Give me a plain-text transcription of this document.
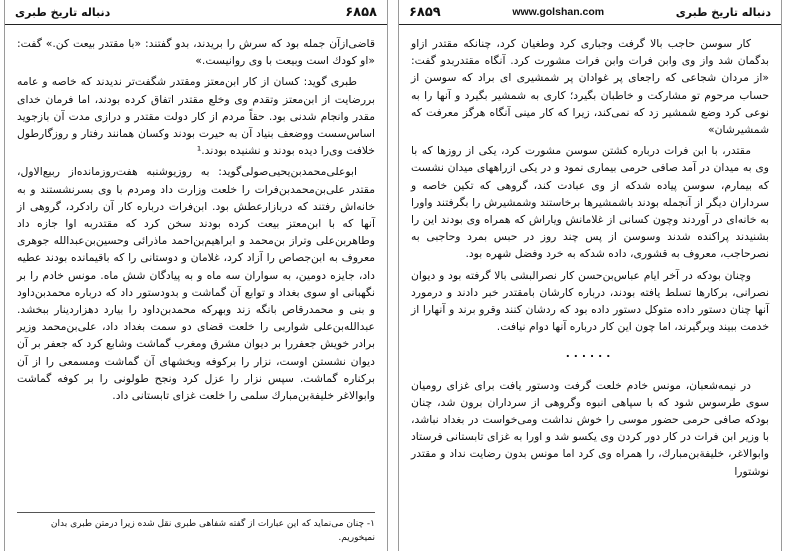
دنباله تاريخ طبرى
www.golshan.com
۶۸۵۹

كار سوسن حاجب بالا گرفت وجبارى كرد وطغيان كرد، چنانكه مقتدر ازاو بدگمان شد واز وى وابن فرات وابن فرات مشورت كرد. آنگاه مقتدربدو گفت: «از مردان شجاعى كه راجعاى پر غوادان پر شمشيرى اى براد كه سوسن از حساب مرحوم تو مشاركت و خاطبان بگيرد؛ كارى به شمشير بگيرد و آنها را به نوعى كرد وضع شمشير زد كه نمى‌كند، زيرا كه كار مينى آنگاه هرگز معرفت كه شمشيرشان»

مقتدر، با ابن فرات درباره كشتن سوسن مشورت كرد، يكى از روزها كه با وى به ميدان در آمد صافى حرمى بيمارى نمود و در يكى ازراهها‌ى ميدان نشست كه بيمارم، سوسن پياده شدكه از وى عبادت كند، گروهى كه تكين خاصه و سرداران ديگر از آنجمله بودند باشمشيرها برخاستند وشمشيرش را بگرفتند واورا به خانه‌اى در آوردند وچون كسانى از غلامانش وياراش كه همراه وى بودند اين را بشنيدند پراكنده شدند وسوسن از پس چند روز در حبس بمرد وحاجبى به نصرحاجب، معروف به قشورى، داده شدكه به خرد وفضل شهره بود.

وچنان بودكه در آخر ايام عباس‌بن‌حسن كار نصرالبشى بالا گرفته بود و ديوان نصرانى، بركارها تسلط يافته بودند، درباره كارشان بامقتدر خبر دادند و درمورد آنها چنان دستور داده متوكل دستور داده بود كه ردشان كنند وقرو برند و آنهارا از خدمت ببيند وبرگيرند، اما چون اين كار درباره آنها دوام نيافت.

......

در نيمه‌شعبان، مونس خادم خلعت گرفت ودستور يافت براى غزاى روميان سوى طرسوس شود كه با سپاهى انبوه وگروهى از سرداران برون شد، چنان بودكه صافى حرمى حضور موسى را خوش نداشت ومى‌خواست در بغداد نباشد، با وزير ابن فرات در كار دور كردن وى يكسو شد و اورا به غزاى تابستانى فرستاد وابوالاغر، خليفة‌بن‌مبارك، را همراه وى كرد اما مونس بدون رضايت نداد و مقتدر نوشتورا

۶۸۵۸
دنباله تاريخ طبرى

قاضى‌ازآن جمله بود كه سرش را بريدند، بدو گفتند: «با مقتدر بيعت كن.» گفت: «او كودك است وبيعت با وى روانيست.»

طبرى گويد: كسان از كار ابن‌معتز ومقتدر شگفت‌تر نديدند كه خاصه و عامه بررضايت از ابن‌معتز وتقدم وى وخلع مقتدر اتفاق كرده بودند، اما فرمان خداى مقدر وانجام شدنى بود. حقاً مردم از كار دولت مقتدر و درازى مدت آن بازجويد اساس‌سست ووضعف بنياد آن به حيرت بودند وكسان همانند رفتار و روزگارطول خلافت وى‌را ديده بودند و نشنيده بودند.¹

ابوعلى‌محمدبن‌يحيى‌صولى‌گويد: به روزيوشنبه هفت‌روزمانده‌از ربيع‌الاول، مقتدر على‌بن‌محمدبن‌فرات را خلعت وزارت داد ومردم با وى بسرنشستند و به خانه‌اش رفتند كه دربازارعطش بود. ابن‌فرات درباره كار آن رادكرد، گروهى از آنها كه با ابن‌معتز بيعت كرده بودند سخن كرد كه مقتدربه اوا جازه داد وطاهربن‌على وتراز بن‌محمد و ابراهيم‌بن‌احمد ماذرائى وحسين‌بن‌عبدالله جوهرى معروف به ابن‌جصاص را آزاد كرد، غلامان و دوستانى را كه باقيمانده بودند عطيه داد، جايزه دومين، به سواران سه ماه و به پيادگان شش ماه. مونس خادم را بر نگهبانى او سوى بغداد و توابع آن گماشت و بدودستور داد كه درباره محمدبن‌داود و بنى و محمدرقاص بانگه زند وبهركه محمدبن‌داود را بيارد دهزاردينار ببخشد. عبدالله‌بن‌على شواربى را خلعت قضاى دو سمت بغداد داد، على‌بن‌محمد وزير برادر خويش جعفررا بر ديوان مشرق ومغرب گماشت وشابع كرد كه جعفر بر آن ديوان نشستن اوست، نزار را بركوفه وبخشهاى آن گماشت ومسمعى را از آن بركناره گماشت. سپس نزار را عزل كرد ونجح طولونى را بر كوفه گماشت وابوالاغر خليفة‌بن‌مبارك سلمى را خلعت غزاى تابستانى داد.

۱- چنان مى‌نمايد كه اين عبارات از گفته شفاهى طبرى نقل شده زيرا درمتن طبرى بدان نميخوريم.
